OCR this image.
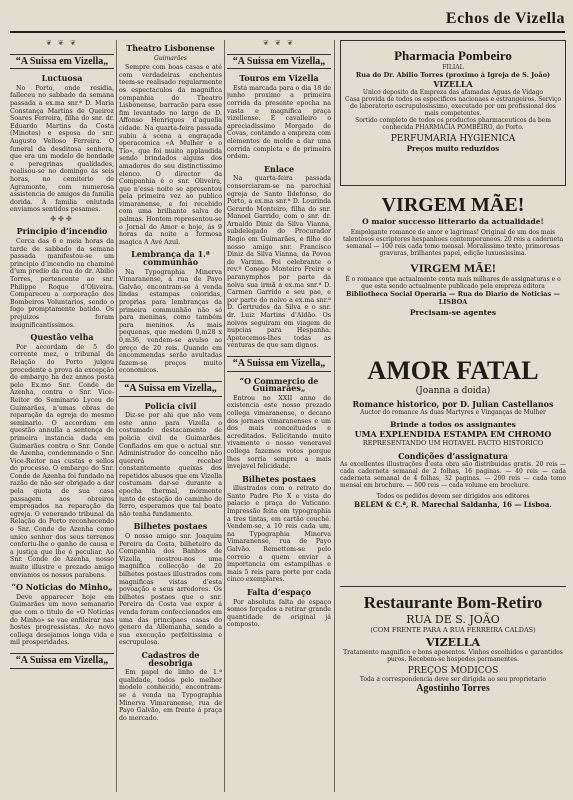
Echos de Vizella
❦ ❦ ❦
“A Suissa em Vizella„
Luctuosa
No Porto, onde residia, falleceu no sabbado da semana passada a ex.ma snr.ª D. Maria Constança Martins de Queiroz Soares Ferreira, filha do snr. dr. Eduardo Martins da Costa (Minotes) e esposa do snr. Augusto Velloso Ferreira. O funeral da desditosa senhora, que era um modelo de bondade e peregrinas qualidades, realisou-se no domingo ás seis horas, no cemiterio de Agramonte, com numerosa assistencia de amigos da familia dorida. Á familia enlutada enviamos sentidos pesames.
✤✤✤
Principio d’incendio
Cerca das 6 e meia horas da tarde de sabbado da semana passada manifestou-se um principio d’incendio na chaminé d’um predio da rua do dr. Abilio Torres, pertencente ao snr. Philippe Roque d’Oliveira. Compareceu a corporação dos Bombeiros Voluntarios, sendo o fogo promptamente batido. Os prejuizos foram insignificantissimos.
Questão velha
Por accordam de 5 do corrente mez, o tribunal da Relação do Porto julgou procedente a prova da excepção de embargo ha dez annos posta pelo Ex.mo Snr. Conde de Azenha, contra o Snr. Vice-Reitor do Seminario Lyceu de Guimarães, n’umas obras de reparação da egreja do mesmo seminario. O accordam em questão annulla a sentença de primeira instancia dada em Guimarães contra o Snr. Conde de Azenha, condemnando o Snr. Vice-Reitor nas custas e sellos do processo. O embargo do Snr. Conde de Azenha foi fundado na razão de não ser obrigado a dar pela quota de sua casa passagem aos obreiros empregados na reparação da egreja. O venerando tribunal da Relação do Porto reconhecendo o Snr. Conde de Azenha como unico senhor dos seus terrenos conferiu-lhe o ganho de causa e a justiça que lhe é peculiar. Ao Snr. Conde de Azenha, nosso muito illustre e prezado amigo enviamos os nossos parabens.
“O Noticias do Minho„
Deve apparecer hoje em Guimarães um novo semanario que com o titulo de «O Noticias do Minho» se vae enfileirar nas hostes progressistas. Ao novo collega desejamos longa vida e mil prosperidades.
“A Suissa em Vizella„
Theatro Lisbonense
Guimarães
Sempre com boas casas e até com verdadeiras enchentes teem-se realisado regularmente os espectaculos da magnifica companhia do Theatro Lisbonense, barracão para esse fim levantado no largo de D. Affonso Henriques d’aquella cidade. Na quarta-feira passada subiu á scena a engraçada operacomica «A Mulher e o Tio», que foi muito applaudida sendo brindados alguns dos amadores do seu distinctissimo elenco. O director da Companhia é o snr. Oliveira, que n’essa noite se apresentou pela primeira vez ao publico vimaranense, e foi recebido com uma brilhante salva de palmas. Hontem representou-se o Jornal do Amor e hoje, ás 9 horas da noite a formosa magica A Avé Azul.
Lembrança da 1.ª communhão
Na Typographia Minerva Vimaranense, á rua de Payo Galvão, encontram-se á venda lindas estampas coloridas, proprias para lembranças da primeira communhão não só para meninas, como também para meninos. As mais pequenas, que medem 0,m28 x 0,m36, vendem-se avulso ao preço de 20 reis. Quando em encommendas serão avultadas fazem-se preços muito economicos.
“A Suissa em Vizella„
Policia civil
Diz-se por ahi que não vem este anno para Vizella o costumado destacamento de policia civil de Guimarães. Confiados em que o actual snr. Administrador do concelho não quererá receber constantemente queixas dos repetidos abusos que em Vizella costumam dar-se durante a epocha thermal, mórmente junto de estação do caminho de ferro, esperamos que tal boato não tenha fundamento.
Bilhetes postaes
O nosso amigo snr. Joaquim Pereira da Costa, bilheteiro da Companhia dos Banhos de Vizella, mostrou-nos uma magnifica collecção de 20 bilhetes postaes illustrados com magnificas vistas d’esta povoação e seus arredores. Os bilhetes postaes que o snr. Pereira da Costa vae expor á venda foram confeccionados em uma das principaes casas do genero da Allemanha, sendo a sua execução perfeitissima e escrupulosa.
Cadastros de desobriga
Em papel de linho de 1.ª qualidade, todos pelo melhor modelo conhecido, encontram-se á venda na Typographia Minerva Vimaranense, rua de Payo Galvão, em frente á praça do mercado.
❦ ❦ ❦
“A Suissa em Vizella„
Touros em Vizella
Está marcada para o dia 18 de junho proximo a primeira corrida da presente epocha na vasta e magnifica praça vizellense. É cavalleiro o apreciadissimo Morgado de Covas, contando a empreza com elementos de molde a dar uma corrida completa e de primeira ordem.
Enlace
Na quarta-feira passada consorciaram-se na parochial egreja de Santo Ildefonso, do Porto, a ex.ma snr.ª D. Lourinda Gerardo Monteiro, filha do snr. Manoel Garrido, com o snr. dr. Arnaldo Diniz da Silva Vianna, subdelegado do Procurador Regio em Guimarães, e filho do nosso amigo snr. Francisco Diniz da Silva Vianna, da Povoa de Varzim. Foi celebrante o rev.º Conego Monteiro Freire e paranymphos por parte da noiva sua irmã a ex.ma snr.ª D. Carmen Garrido e seu pae, e por parte do noivo a ex.ma snr.ª D. Gertrudes da Silva e o snr. dr. Luiz Martins d’Aldão. Os noivos seguiram em viagem de nupcias para Hespanha. Apetecemos-lhes todas as venturas de que sam dignos.
“A Suissa em Vizella„
“O Commercio de Guimarães„
Entrou no XXII anno de existencia este nosso prezado collega vimaranense, o decano dos jornaes vimaranenses e um dos mais conceituados e acreditados. Felicitando muito vivamente o nosso veneravel collega fazemos votos porque lhes sorria sempre a mais invejavel felicidade.
Bilhetes postaes
illustrados com o retrato do Santo Padre Pio X e vista do palacio e praça do Vaticano. Impressão feita em typographia a tres tintas, em cartão couché. Vendem-se, a 10 reis cada um, na Typographia Minerva Vimaranense, rua de Payo Galvão. Remettem-se pelo correio a quem enviar a importancia em estampilhas e mais 5 reis para porte por cada cinco exemplares.
Falta d’espaço
Por absoluta falta de espaço somos forçados a retirar grande quantidade de original já composto.
Pharmacia Pombeiro
FILIAL
Rua do Dr. Abilio Torres (proximo á Igreja de S. João)
VIZELLA
Unico deposito da Empreza das afamadas Aguas de Vidago
Casa provida de todos os especificos nacionaes e estrangeiros. Serviço de laboratorio escrupulosissimo, executado por um profissional dos mais competentes.
Sortido completo de todos os productos pharmaceuticos da bem conhecida PHARMACIA POMBEIRO, do Porto.
PERFUMARIA HYGIENICA
Preços muito reduzidos
VIRGEM MÃE!
O maior successo litterario da actualidade!
Empolgante romance de amor e lagrimas! Original de um dos mais talentosos escriptores hespanhoes contemporaneos. 20 reis a caderneta semanal — 100 reis cada tomo mensal. Moralissimo texto, primorosas gravuras, brilhantes papel, edição luxuosissima.
VIRGEM MÃE!
É o romance que actualmente conta mais milhares de assignaturas e o que esta sendo actualmente publicado pela empreza editora
Bibliotheca Social Operaria — Rua do Diario de Noticias — LISBOA
Precisam-se agentes
AMOR FATAL
(Joanna a doida)
Romance historico, por D. Julian Castellanos
Auctor do romance As duas Martyres e Vinganças de Mulher
Brinde a todos os assignantes
UMA EXPLENDIDA ESTAMPA EM CHROMO
REPRESENTANDO UM HOTAVEL FACTO HISTORICO
Condições d’assignatura
As excellentes illustrações d’esta obra são distribuidas gratis. 20 reis — cada caderneta semanal de 2 folhas, 16 paginas. — 40 reis — cada caderneta semanal de 4 folhas, 32 paginas. — 200 reis — cada tomo mensal em brochure. — 500 reis — cada volume em brochure.
Todos os pedidos devem ser dirigidos aos editores
BELEM & C.ª, R. Marechal Saldanha, 16 — Lisboa.
Restaurante Bom-Retiro
RUA DE S. JOÃO
(COM FRENTE PARA A RUA FERREIRA CALDAS)
VIZELLA
Tratamento magnifico e bons aposentos. Vinhos escolhidos e garantidos puros. Recebem-se hospedes permanentes.
PREÇOS MODICOS
Toda a correspondencia deve ser dirigida ao seu proprietario
Agostinho Torres
